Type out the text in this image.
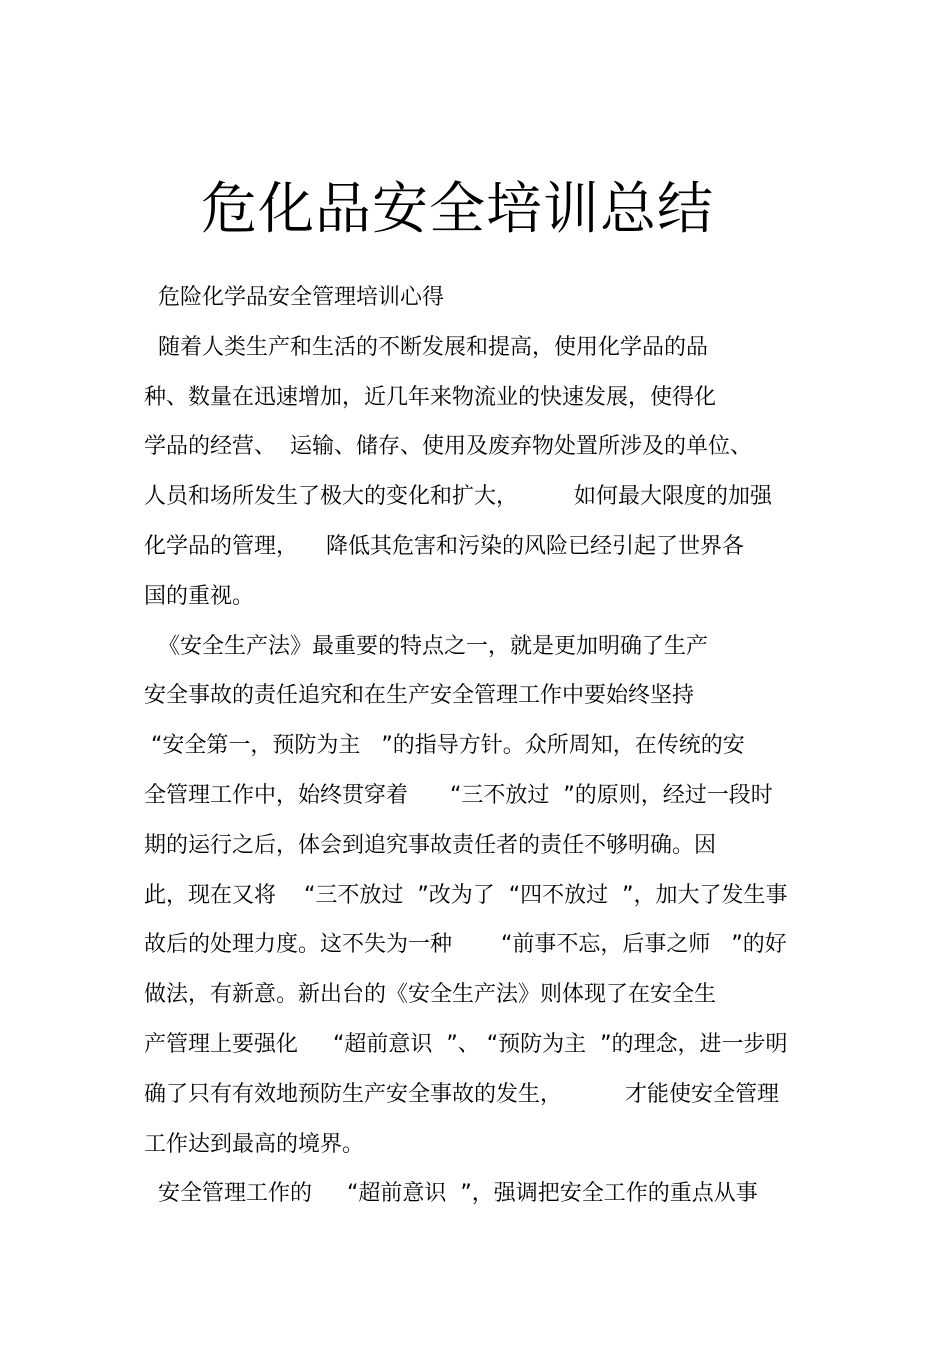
危化品安全培训总结

危险化学品安全管理培训心得

随着人类生产和生活的不断发展和提高，使用化学品的品

种、数量在迅速增加，近几年来物流业的快速发展，使得化

学品的经营、  运输、储存、使用及废弃物处置所涉及的单位、

人员和场所发生了极大的变化和扩大，        如何最大限度的加强

化学品的管理，    降低其危害和污染的风险已经引起了世界各

国的重视。

《安全生产法》最重要的特点之一，就是更加明确了生产

安全事故的责任追究和在生产安全管理工作中要始终坚持

“安全第一，预防为主   ”的指导方针。众所周知，在传统的安

全管理工作中，始终贯穿着      “三不放过  ”的原则，经过一段时

期的运行之后，体会到追究事故责任者的责任不够明确。因

此，现在又将    “三不放过  ”改为了  “四不放过  ”，加大了发生事

故后的处理力度。这不失为一种       “前事不忘，后事之师   ”的好

做法，有新意。新出台的《安全生产法》则体现了在安全生

产管理上要强化     “超前意识  ”、 “预防为主  ”的理念，进一步明

确了只有有效地预防生产安全事故的发生，         才能使安全管理

工作达到最高的境界。

安全管理工作的     “超前意识  ”，强调把安全工作的重点从事
